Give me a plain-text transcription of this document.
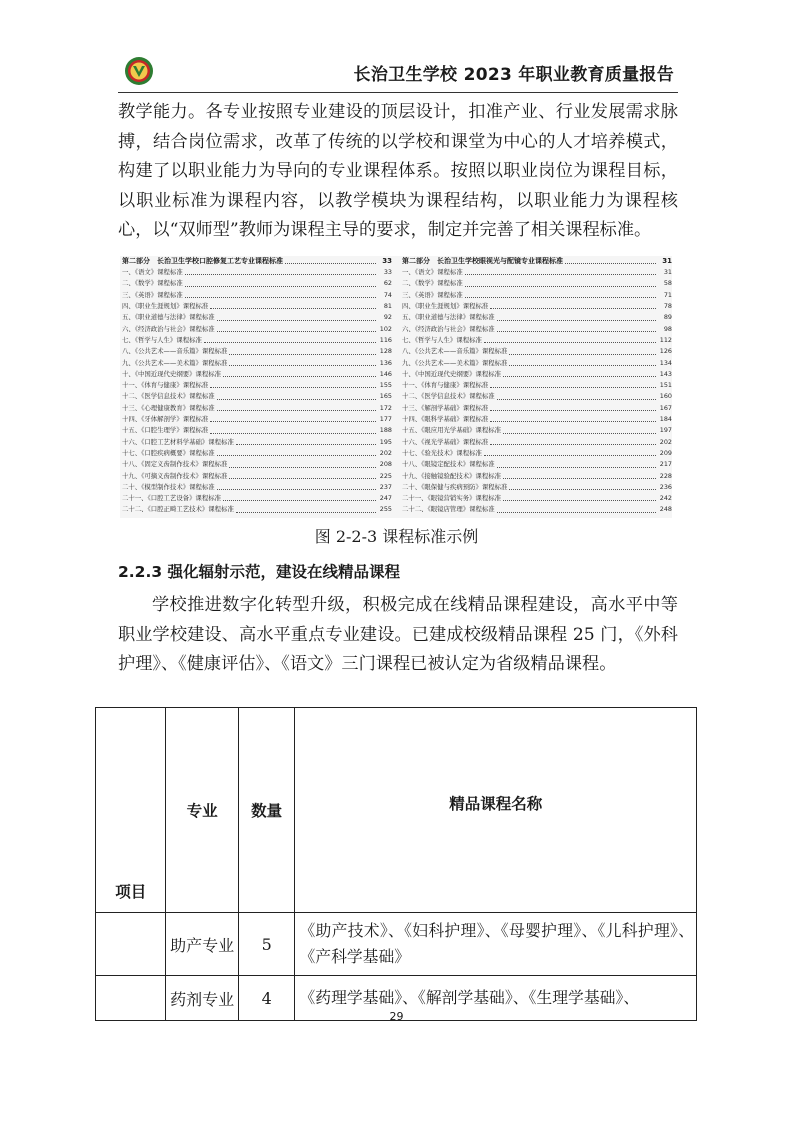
长治卫生学校 2023 年职业教育质量报告
教学能力。各专业按照专业建设的顶层设计，扣准产业、行业发展需求脉搏，结合岗位需求，改革了传统的以学校和课堂为中心的人才培养模式，构建了以职业能力为导向的专业课程体系。按照以职业岗位为课程目标，以职业标准为课程内容，以教学模块为课程结构，以职业能力为课程核心，以“双师型”教师为课程主导的要求，制定并完善了相关课程标准。
第二部分　长治卫生学校口腔修复工艺专业课程标准	33
一、《语文》课程标准	33
二、《数学》课程标准	62
三、《英语》课程标准	74
四、《职业生涯规划》课程标准	81
五、《职业道德与法律》课程标准	92
六、《经济政治与社会》课程标准	102
七、《哲学与人生》课程标准	116
八、《公共艺术——音乐篇》课程标准	128
九、《公共艺术——美术篇》课程标准	136
十、《中国近现代史纲要》课程标准	146
十一、《体育与健康》课程标准	155
十二、《医学信息技术》课程标准	165
十三、《心理健康教育》课程标准	172
十四、《牙体解剖学》课程标准	177
十五、《口腔生理学》课程标准	188
十六、《口腔工艺材料学基础》课程标准	195
十七、《口腔疾病概要》课程标准	202
十八、《固定义齿制作技术》课程标准	208
十九、《可摘义齿制作技术》课程标准	225
二十、《模型制作技术》课程标准	237
二十一、《口腔工艺设备》课程标准	247
二十二、《口腔正畸工艺技术》课程标准	255
第二部分　长治卫生学校眼视光与配镜专业课程标准	31
一、《语文》课程标准	31
二、《数学》课程标准	58
三、《英语》课程标准	71
四、《职业生涯规划》课程标准	78
五、《职业道德与法律》课程标准	89
六、《经济政治与社会》课程标准	98
七、《哲学与人生》课程标准	112
八、《公共艺术——音乐篇》课程标准	126
九、《公共艺术——美术篇》课程标准	134
十、《中国近现代史纲要》课程标准	143
十一、《体育与健康》课程标准	151
十二、《医学信息技术》课程标准	160
十三、《解剖学基础》课程标准	167
十四、《眼科学基础》课程标准	184
十五、《眼应用光学基础》课程标准	197
十六、《视光学基础》课程标准	202
十七、《验光技术》课程标准	209
十八、《眼镜定配技术》课程标准	217
十九、《接触镜验配技术》课程标准	228
二十、《眼保健与疾病预防》课程标准	236
二十一、《眼镜营销实务》课程标准	242
二十二、《眼镜店管理》课程标准	248
图 2-2-3 课程标准示例
2.2.3 强化辐射示范，建设在线精品课程
学校推进数字化转型升级，积极完成在线精品课程建设，高水平中等职业学校建设、高水平重点专业建设。已建成校级精品课程 25 门，《外科护理》、《健康评估》、《语文》三门课程已被认定为省级精品课程。
项目	专业	数量	精品课程名称
	助产专业	5	《助产技术》、《妇科护理》、《母婴护理》、《儿科护理》、《产科学基础》
	药剂专业	4	《药理学基础》、《解剖学基础》、《生理学基础》、
29
